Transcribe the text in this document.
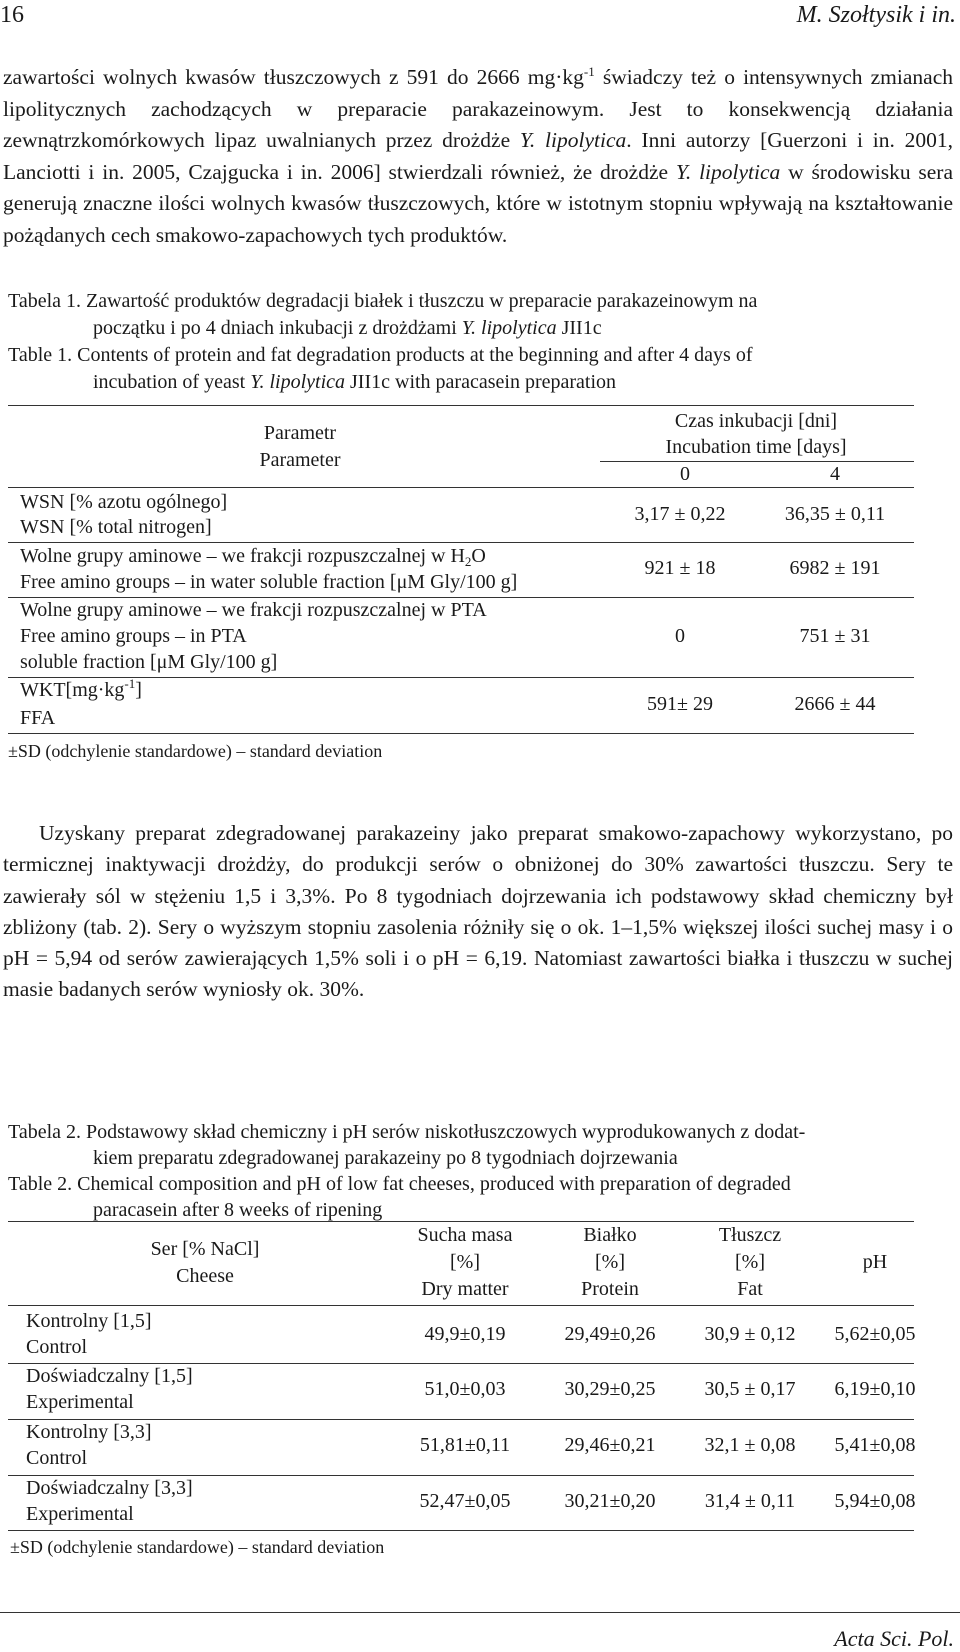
16	M. Szołtysik i in.

zawartości wolnych kwasów tłuszczowych z 591 do 2666 $mg\cdot kg^{-1}$ świadczy też o intensywnych zmianach lipolitycznych zachodzących w preparacie parakazeinowym. Jest to konsekwencją działania zewnątrzkomórkowych lipaz uwalnianych przez drożdże Y. lipolytica. Inni autorzy [Guerzoni i in. 2001, Lanciotti i in. 2005, Czajgucka i in. 2006] stwierdzali również, że drożdże Y. lipolytica w środowisku sera generują znaczne ilości wolnych kwasów tłuszczowych, które w istotnym stopniu wpływają na kształtowanie pożądanych cech smakowo-zapachowych tych produktów.

Tabela 1. Zawartość produktów degradacji białek i tłuszczu w preparacie parakazeinowym na

początku i po 4 dniach inkubacji z drożdżami Y. lipolytica JII1c

Table 1. Contents of protein and fat degradation products at the beginning and after 4 days of

incubation of yeast Y. lipolytica JII1c with paracasein preparation

Parametr
Parameter
Czas inkubacji [dni]
Incubation time [days]
0	4
WSN [% azotu ogólnego]
WSN [% total nitrogen]
3,17 ± 0,22	36,35 ± 0,11
Wolne grupy aminowe – we frakcji rozpuszczalnej w $H_2O$
Free amino groups – in water soluble fraction [μM Gly/100 g]
921 ± 18	6982 ± 191
Wolne grupy aminowe – we frakcji rozpuszczalnej w PTA
Free amino groups – in PTA
soluble fraction [μM Gly/100 g]
0	751 ± 31
$WKT[mg\cdot kg^{-1}]$
FFA
591± 29	2666 ± 44
±SD (odchylenie standardowe) – standard deviation

Uzyskany preparat zdegradowanej parakazeiny jako preparat smakowo-zapachowy wykorzystano, po termicznej inaktywacji drożdży, do produkcji serów o obniżonej do 30% zawartości tłuszczu. Sery te zawierały sól w stężeniu 1,5 i 3,3%. Po 8 tygodniach dojrzewania ich podstawowy skład chemiczny był zbliżony (tab. 2). Sery o wyższym stopniu zasolenia różniły się o ok. 1–1,5% większej ilości suchej masy i o pH = 5,94 od serów zawierających 1,5% soli i o pH = 6,19. Natomiast zawartości białka i tłuszczu w suchej masie badanych serów wyniosły ok. 30%.

Tabela 2. Podstawowy skład chemiczny i pH serów niskotłuszczowych wyprodukowanych z dodat-

kiem preparatu zdegradowanej parakazeiny po 8 tygodniach dojrzewania

Table 2. Chemical composition and pH of low fat cheeses, produced with preparation of degraded

paracasein after 8 weeks of ripening

Ser [% NaCl]
Cheese
Sucha masa
[%]
Dry matter
Białko
[%]
Protein
Tłuszcz
[%]
Fat
pH
Kontrolny [1,5]
Control
49,9±0,19	29,49±0,26	30,9 ± 0,12	5,62±0,05
Doświadczalny [1,5]
Experimental
51,0±0,03	30,29±0,25	30,5 ± 0,17	6,19±0,10
Kontrolny [3,3]
Control
51,81±0,11	29,46±0,21	32,1 ± 0,08	5,41±0,08
Doświadczalny [3,3]
Experimental
52,47±0,05	30,21±0,20	31,4 ± 0,11	5,94±0,08
±SD (odchylenie standardowe) – standard deviation
Acta Sci. Pol.
